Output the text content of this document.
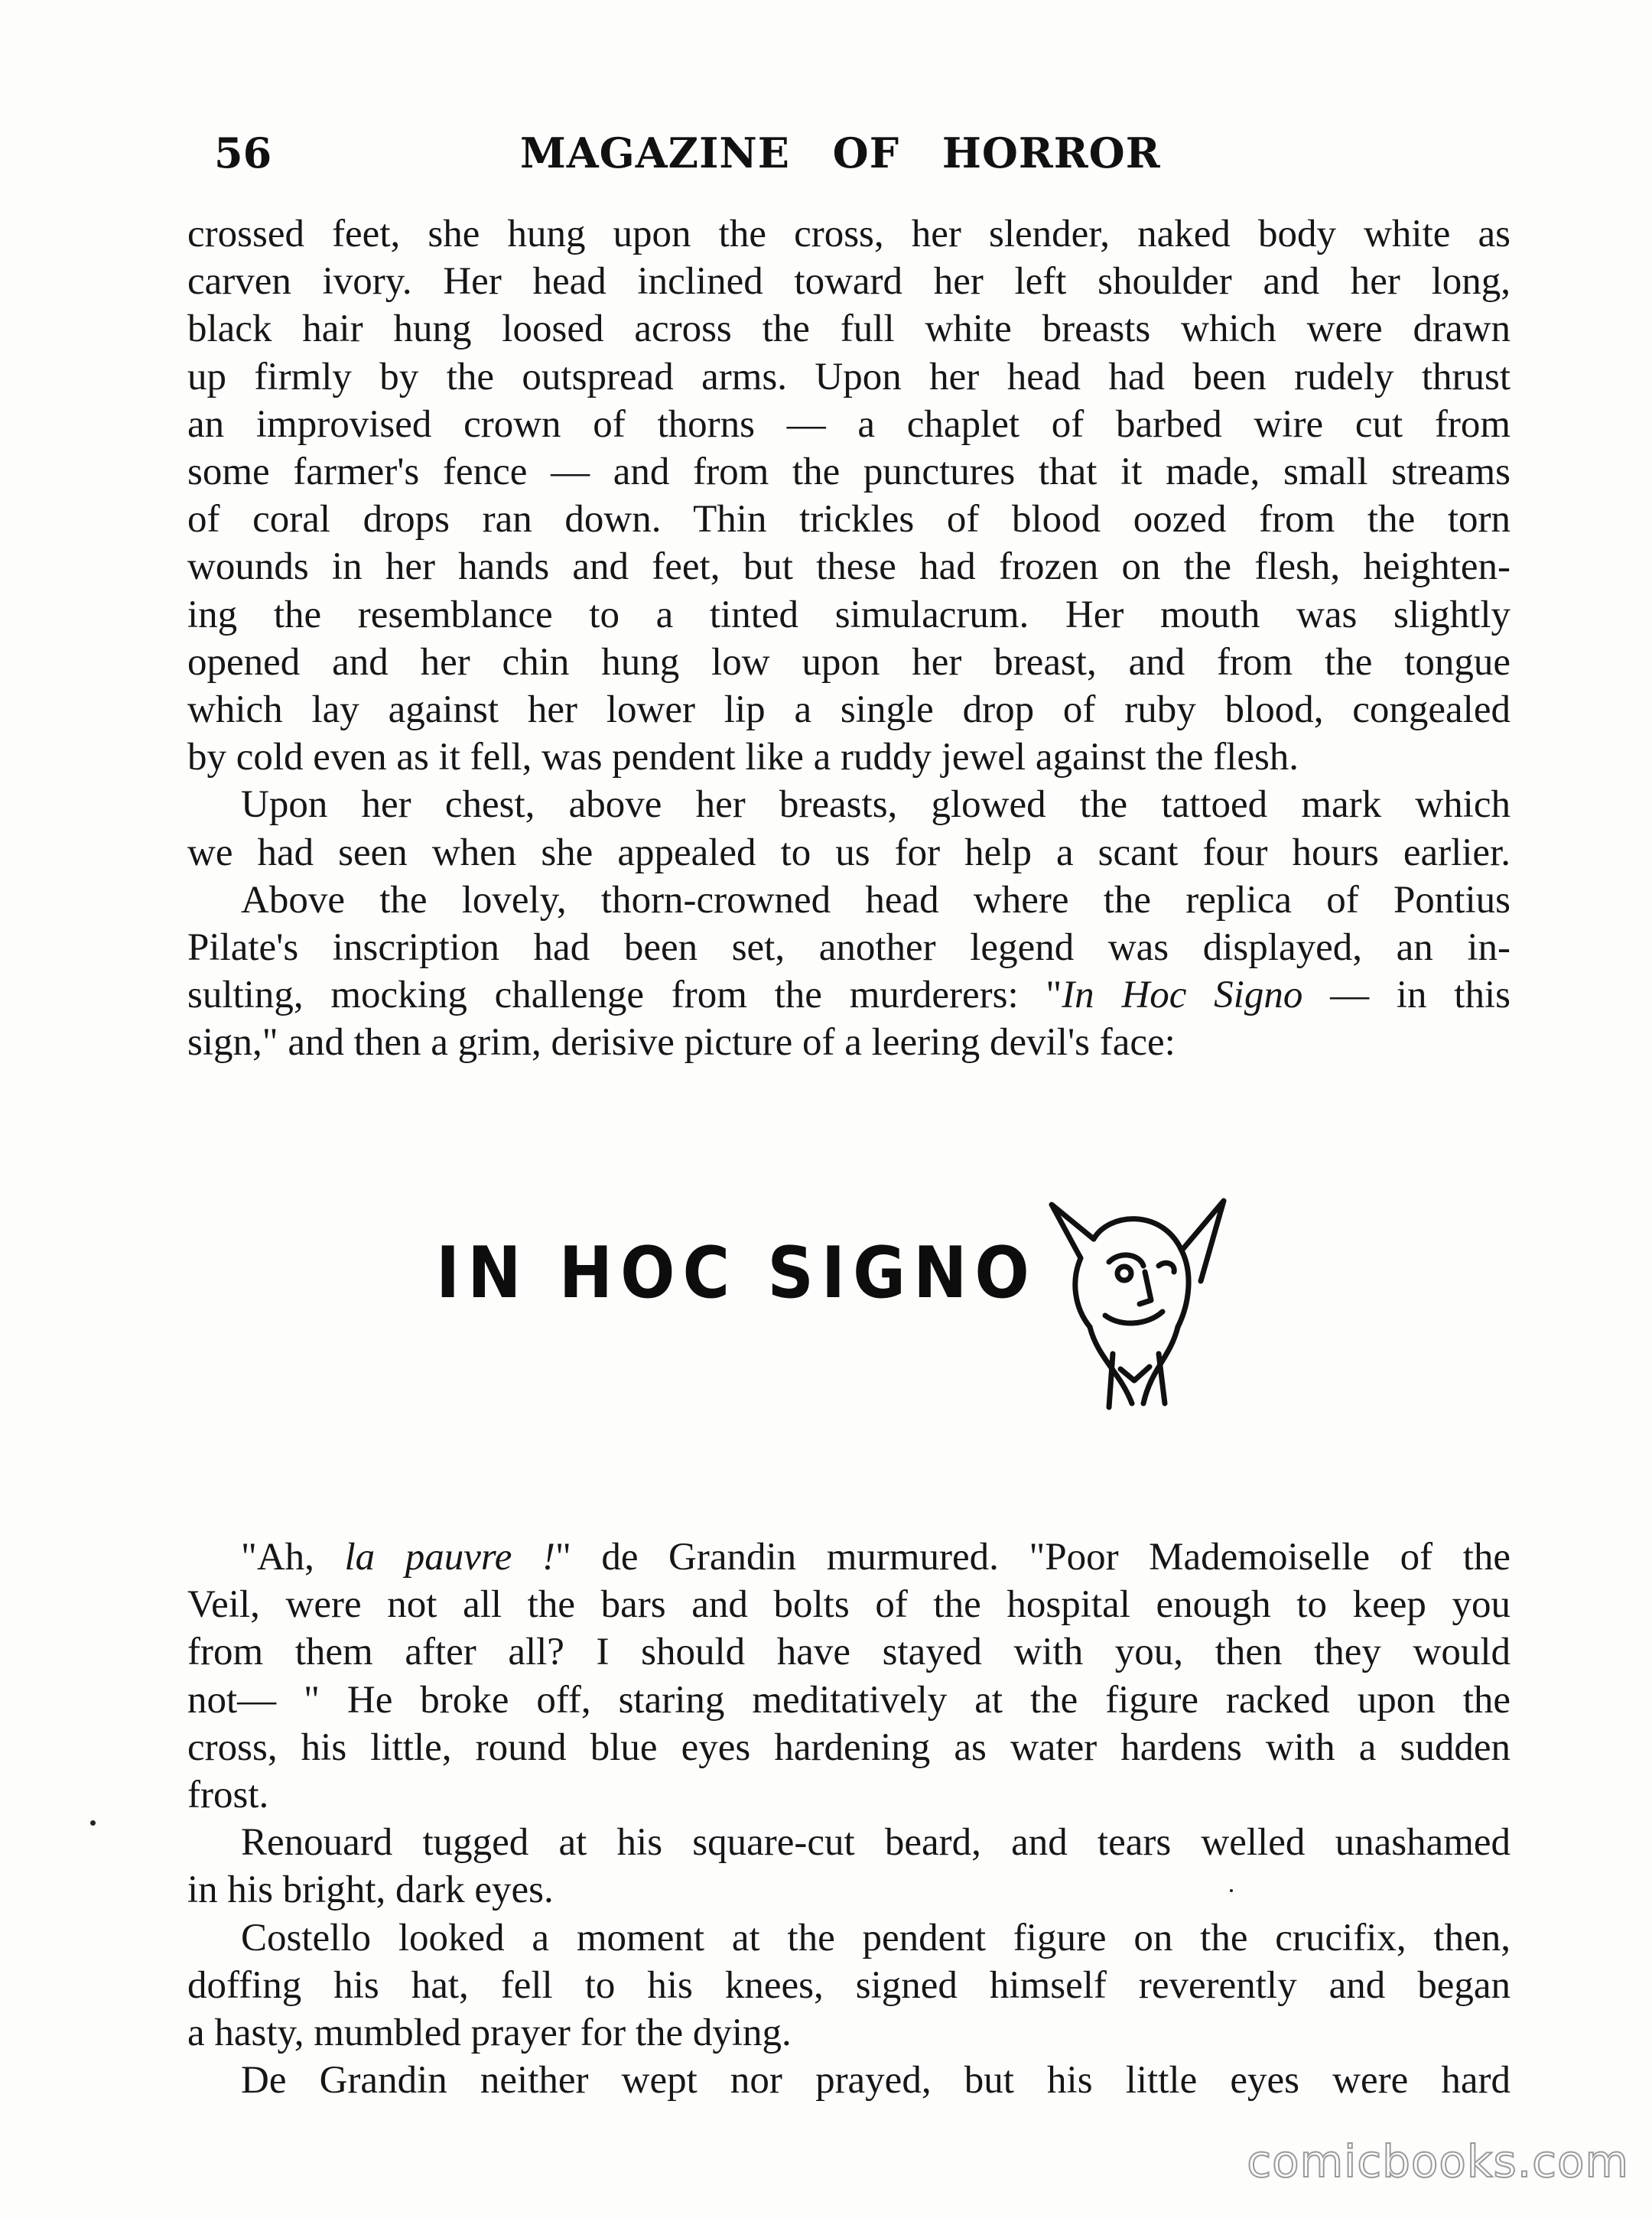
56	MAGAZINE OF HORROR

crossed feet, she hung upon the cross, her slender, naked body white as

carven ivory. Her head inclined toward her left shoulder and her long,

black hair hung loosed across the full white breasts which were drawn

up firmly by the outspread arms. Upon her head had been rudely thrust

an improvised crown of thorns — a chaplet of barbed wire cut from

some farmer's fence — and from the punctures that it made, small streams

of coral drops ran down. Thin trickles of blood oozed from the torn

wounds in her hands and feet, but these had frozen on the flesh, heighten-

ing the resemblance to a tinted simulacrum. Her mouth was slightly

opened and her chin hung low upon her breast, and from the tongue

which lay against her lower lip a single drop of ruby blood, congealed

by cold even as it fell, was pendent like a ruddy jewel against the flesh.

Upon her chest, above her breasts, glowed the tattoed mark which

we had seen when she appealed to us for help a scant four hours earlier.

Above the lovely, thorn-crowned head where the replica of Pontius

Pilate's inscription had been set, another legend was displayed, an in-

sulting, mocking challenge from the murderers: "In Hoc Signo — in this

sign," and then a grim, derisive picture of a leering devil's face:

IN HOC SIGNO

"Ah, la pauvre !" de Grandin murmured. "Poor Mademoiselle of the

Veil, were not all the bars and bolts of the hospital enough to keep you

from them after all? I should have stayed with you, then they would

not— " He broke off, staring meditatively at the figure racked upon the

cross, his little, round blue eyes hardening as water hardens with a sudden

frost.

Renouard tugged at his square-cut beard, and tears welled unashamed

in his bright, dark eyes.

Costello looked a moment at the pendent figure on the crucifix, then,

doffing his hat, fell to his knees, signed himself reverently and began

a hasty, mumbled prayer for the dying.

De Grandin neither wept nor prayed, but his little eyes were hard

comicbooks.com
